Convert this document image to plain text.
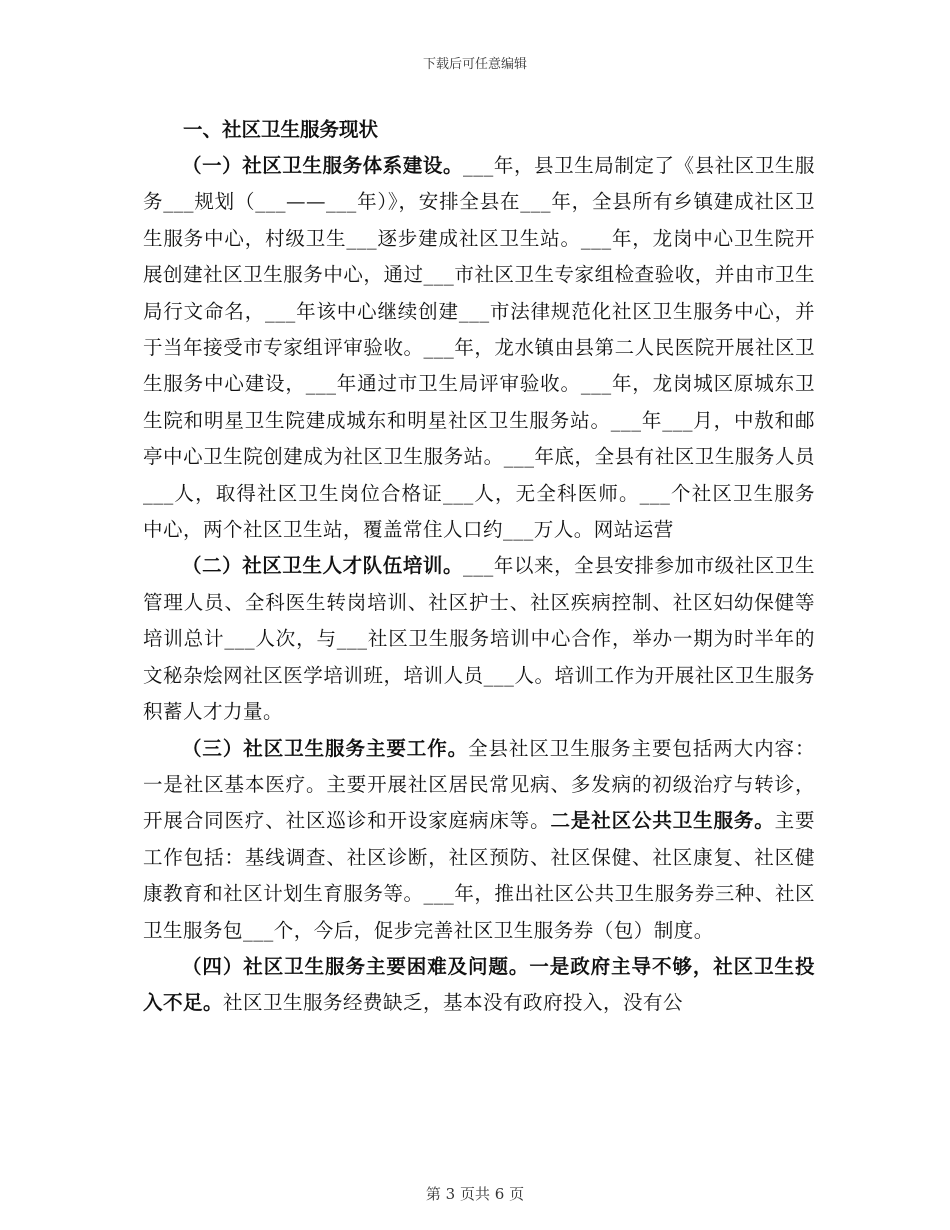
下载后可任意编辑
一、社区卫生服务现状

（一）社区卫生服务体系建设。___年，县卫生局制定了《县社区卫生服务___规划（___——___年）》，安排全县在___年，全县所有乡镇建成社区卫生服务中心，村级卫生___逐步建成社区卫生站。___年，龙岗中心卫生院开展创建社区卫生服务中心，通过___市社区卫生专家组检查验收，并由市卫生局行文命名，___年该中心继续创建___市法律规范化社区卫生服务中心，并于当年接受市专家组评审验收。___年，龙水镇由县第二人民医院开展社区卫生服务中心建设，___年通过市卫生局评审验收。___年，龙岗城区原城东卫生院和明星卫生院建成城东和明星社区卫生服务站。___年___月，中敖和邮亭中心卫生院创建成为社区卫生服务站。___年底，全县有社区卫生服务人员___人，取得社区卫生岗位合格证___人，无全科医师。___个社区卫生服务中心，两个社区卫生站，覆盖常住人口约___万人。网站运营

（二）社区卫生人才队伍培训。___年以来，全县安排参加市级社区卫生管理人员、全科医生转岗培训、社区护士、社区疾病控制、社区妇幼保健等培训总计___人次，与___社区卫生服务培训中心合作，举办一期为时半年的文秘杂烩网社区医学培训班，培训人员___人。培训工作为开展社区卫生服务积蓄人才力量。

（三）社区卫生服务主要工作。全县社区卫生服务主要包括两大内容：一是社区基本医疗。主要开展社区居民常见病、多发病的初级治疗与转诊，开展合同医疗、社区巡诊和开设家庭病床等。二是社区公共卫生服务。主要工作包括：基线调查、社区诊断，社区预防、社区保健、社区康复、社区健康教育和社区计划生育服务等。___年，推出社区公共卫生服务券三种、社区卫生服务包___个，今后，促步完善社区卫生服务券（包）制度。

（四）社区卫生服务主要困难及问题。一是政府主导不够，社区卫生投入不足。社区卫生服务经费缺乏，基本没有政府投入，没有公

第 3 页共 6 页
